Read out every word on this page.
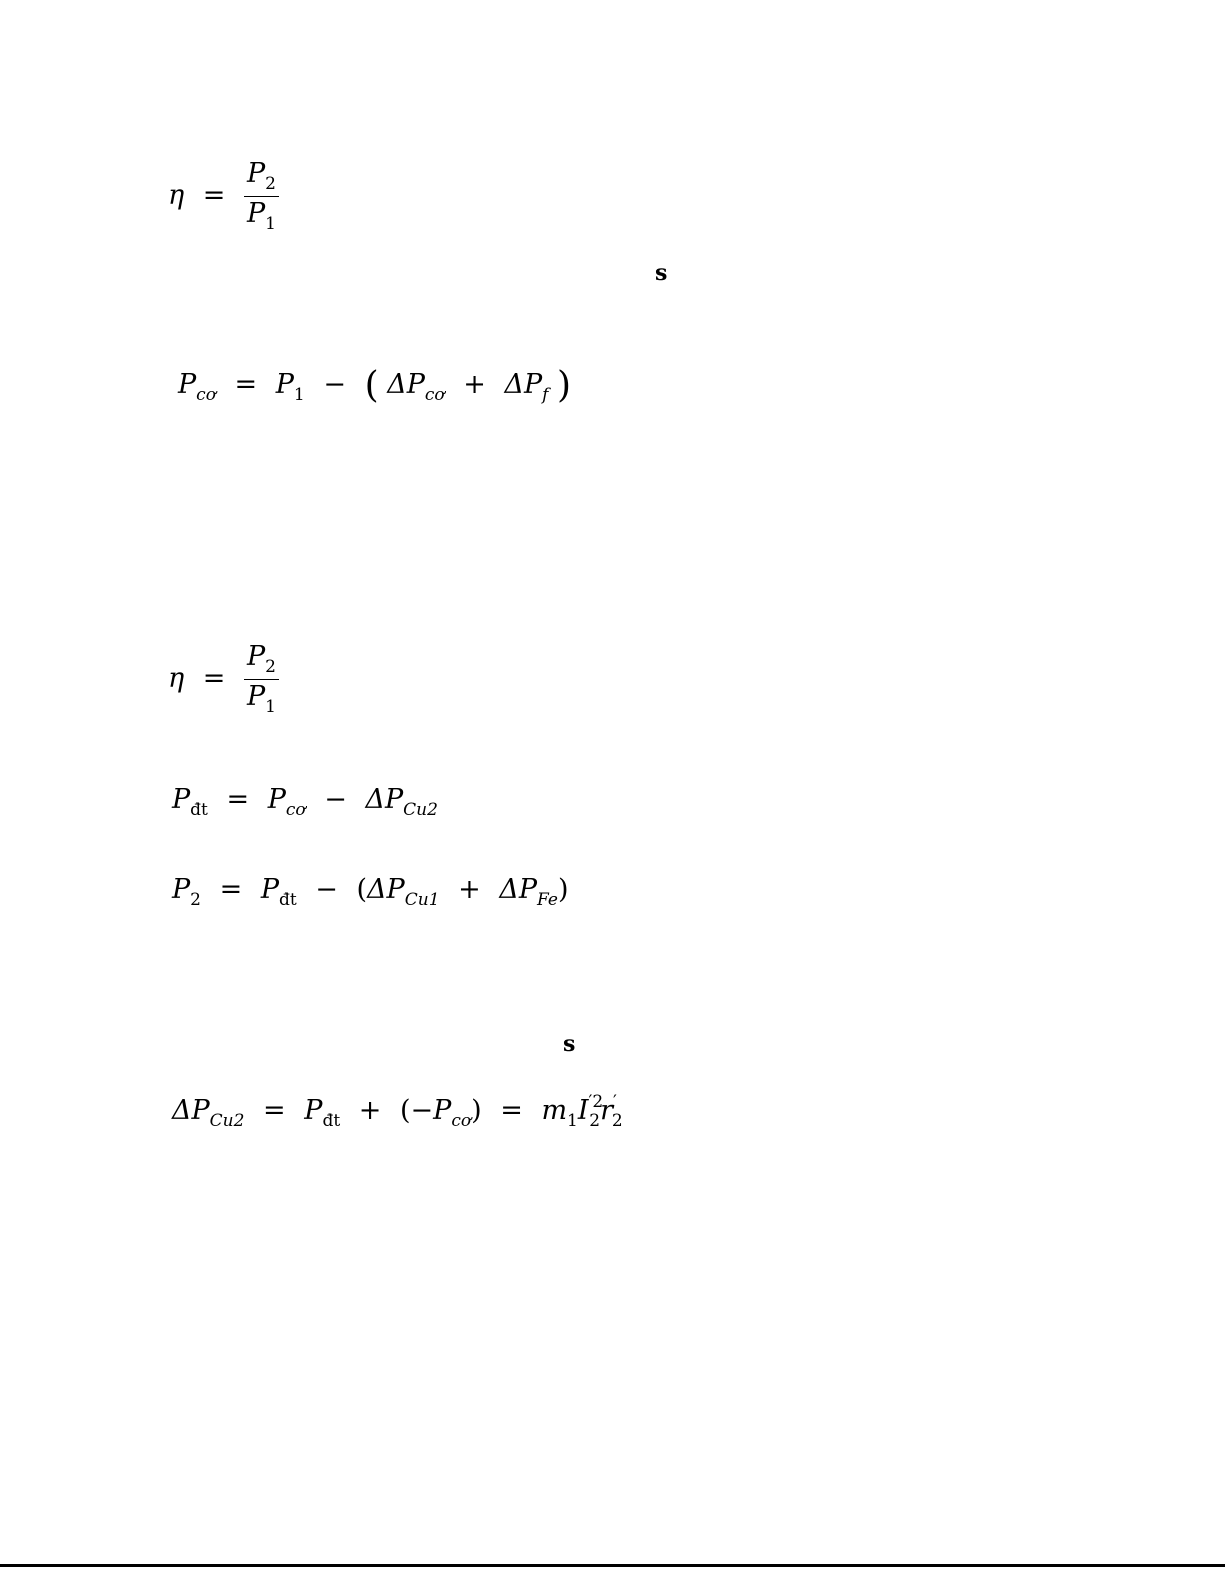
$\eta = \frac{P_2}{P_1}$
s
$P_{cơ} = P_1$ − ( $\Delta P_{cơ} + \Delta P_f$ )
$\eta = \frac{P_2}{P_1}$
$P_{đt} = P_{cơ} - \Delta P_{Cu2}$
$P_2 = P_{đt} - (\Delta P_{Cu1} + \Delta P_{Fe})$
s
$\Delta P_{Cu2} = P_{đt} + (-P_{cơ}) = m_1I^{'2}_2r'_2$
